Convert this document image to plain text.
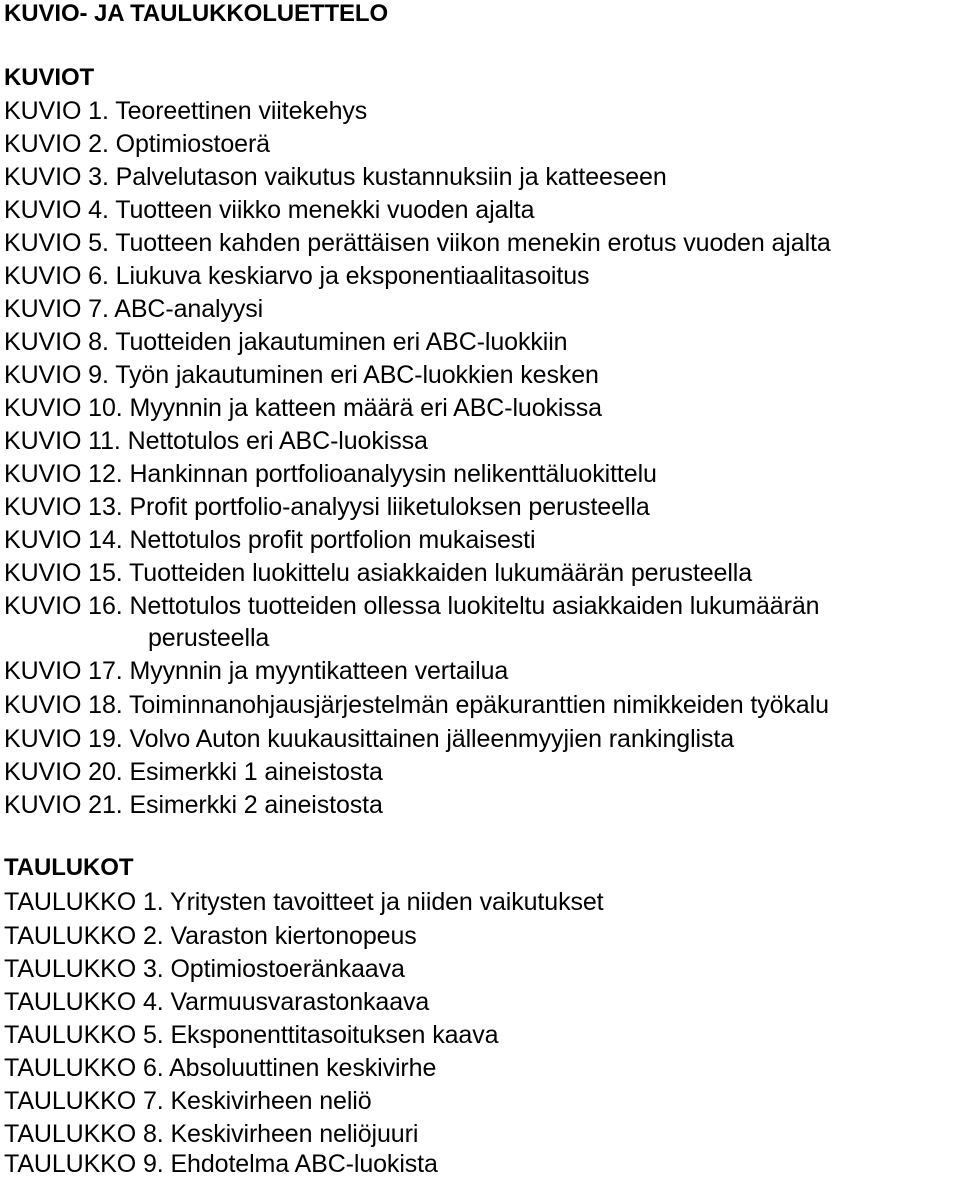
KUVIO- JA TAULUKKOLUETTELO
KUVIOT
KUVIO 1. Teoreettinen viitekehys
KUVIO 2. Optimiostoerä
KUVIO 3. Palvelutason vaikutus kustannuksiin ja katteeseen
KUVIO 4. Tuotteen viikko menekki vuoden ajalta
KUVIO 5. Tuotteen kahden perättäisen viikon menekin erotus vuoden ajalta
KUVIO 6. Liukuva keskiarvo ja eksponentiaalitasoitus
KUVIO 7. ABC-analyysi
KUVIO 8. Tuotteiden jakautuminen eri ABC-luokkiin
KUVIO 9. Työn jakautuminen eri ABC-luokkien kesken
KUVIO 10. Myynnin ja katteen määrä eri ABC-luokissa
KUVIO 11. Nettotulos eri ABC-luokissa
KUVIO 12. Hankinnan portfolioanalyysin nelikenttäluokittelu
KUVIO 13. Profit portfolio-analyysi liiketuloksen perusteella
KUVIO 14. Nettotulos profit portfolion mukaisesti
KUVIO 15. Tuotteiden luokittelu asiakkaiden lukumäärän perusteella
KUVIO 16. Nettotulos tuotteiden ollessa luokiteltu asiakkaiden lukumäärän
perusteella
KUVIO 17. Myynnin ja myyntikatteen vertailua
KUVIO 18. Toiminnanohjausjärjestelmän epäkuranttien nimikkeiden työkalu
KUVIO 19. Volvo Auton kuukausittainen jälleenmyyjien rankinglista
KUVIO 20. Esimerkki 1 aineistosta
KUVIO 21. Esimerkki 2 aineistosta
TAULUKOT
TAULUKKO 1. Yritysten tavoitteet ja niiden vaikutukset
TAULUKKO 2. Varaston kiertonopeus
TAULUKKO 3. Optimiostoeränkaava
TAULUKKO 4. Varmuusvarastonkaava
TAULUKKO 5. Eksponenttitasoituksen kaava
TAULUKKO 6. Absoluuttinen keskivirhe
TAULUKKO 7. Keskivirheen neliö
TAULUKKO 8. Keskivirheen neliöjuuri
TAULUKKO 9. Ehdotelma ABC-luokista
